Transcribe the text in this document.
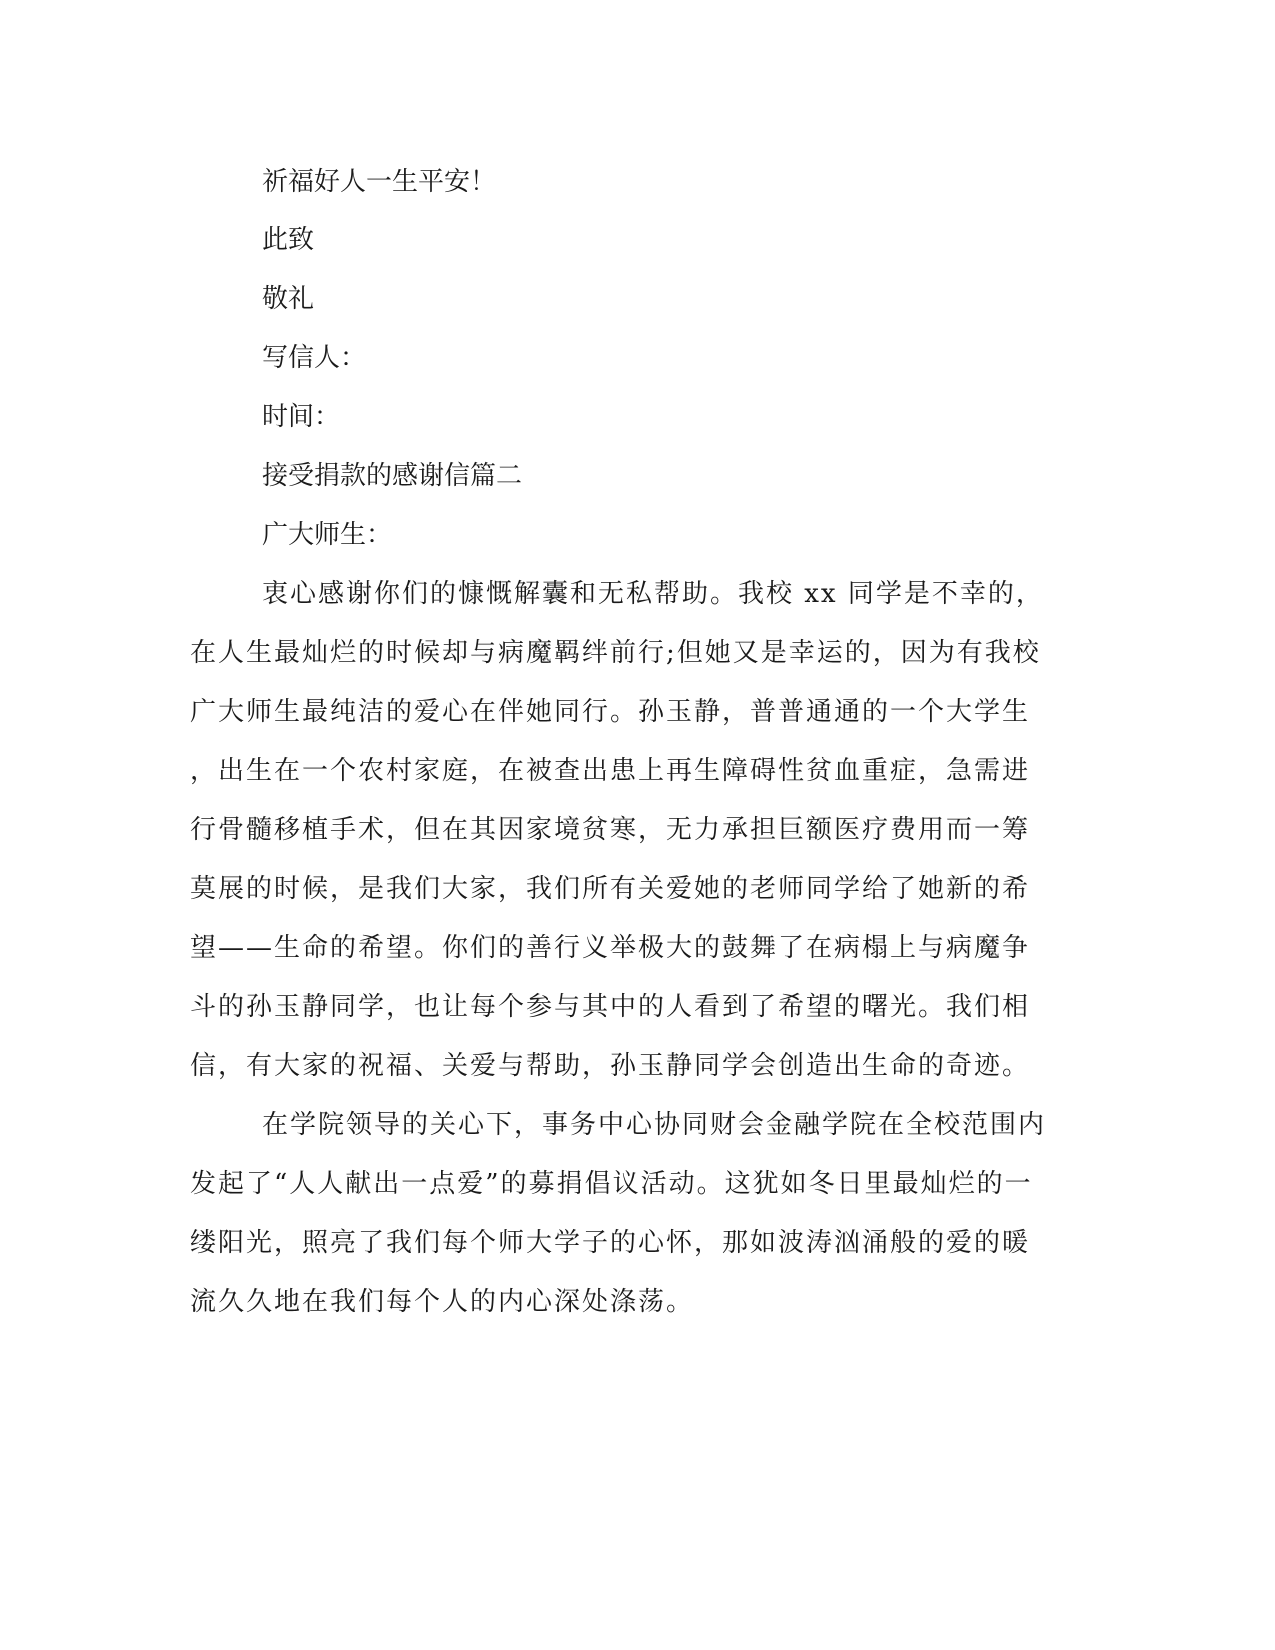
祈福好人一生平安！

此致

敬礼

写信人：

时间：

接受捐款的感谢信篇二

广大师生：

衷心感谢你们的慷慨解囊和无私帮助。我校 xx 同学是不幸的，

在人生最灿烂的时候却与病魔羁绊前行;但她又是幸运的，因为有我校

广大师生最纯洁的爱心在伴她同行。孙玉静，普普通通的一个大学生

，出生在一个农村家庭，在被查出患上再生障碍性贫血重症，急需进

行骨髓移植手术，但在其因家境贫寒，无力承担巨额医疗费用而一筹

莫展的时候，是我们大家，我们所有关爱她的老师同学给了她新的希

望——生命的希望。你们的善行义举极大的鼓舞了在病榻上与病魔争

斗的孙玉静同学，也让每个参与其中的人看到了希望的曙光。我们相

信，有大家的祝福、关爱与帮助，孙玉静同学会创造出生命的奇迹。

在学院领导的关心下，事务中心协同财会金融学院在全校范围内

发起了“人人献出一点爱”的募捐倡议活动。这犹如冬日里最灿烂的一

缕阳光，照亮了我们每个师大学子的心怀，那如波涛汹涌般的爱的暖

流久久地在我们每个人的内心深处涤荡。
